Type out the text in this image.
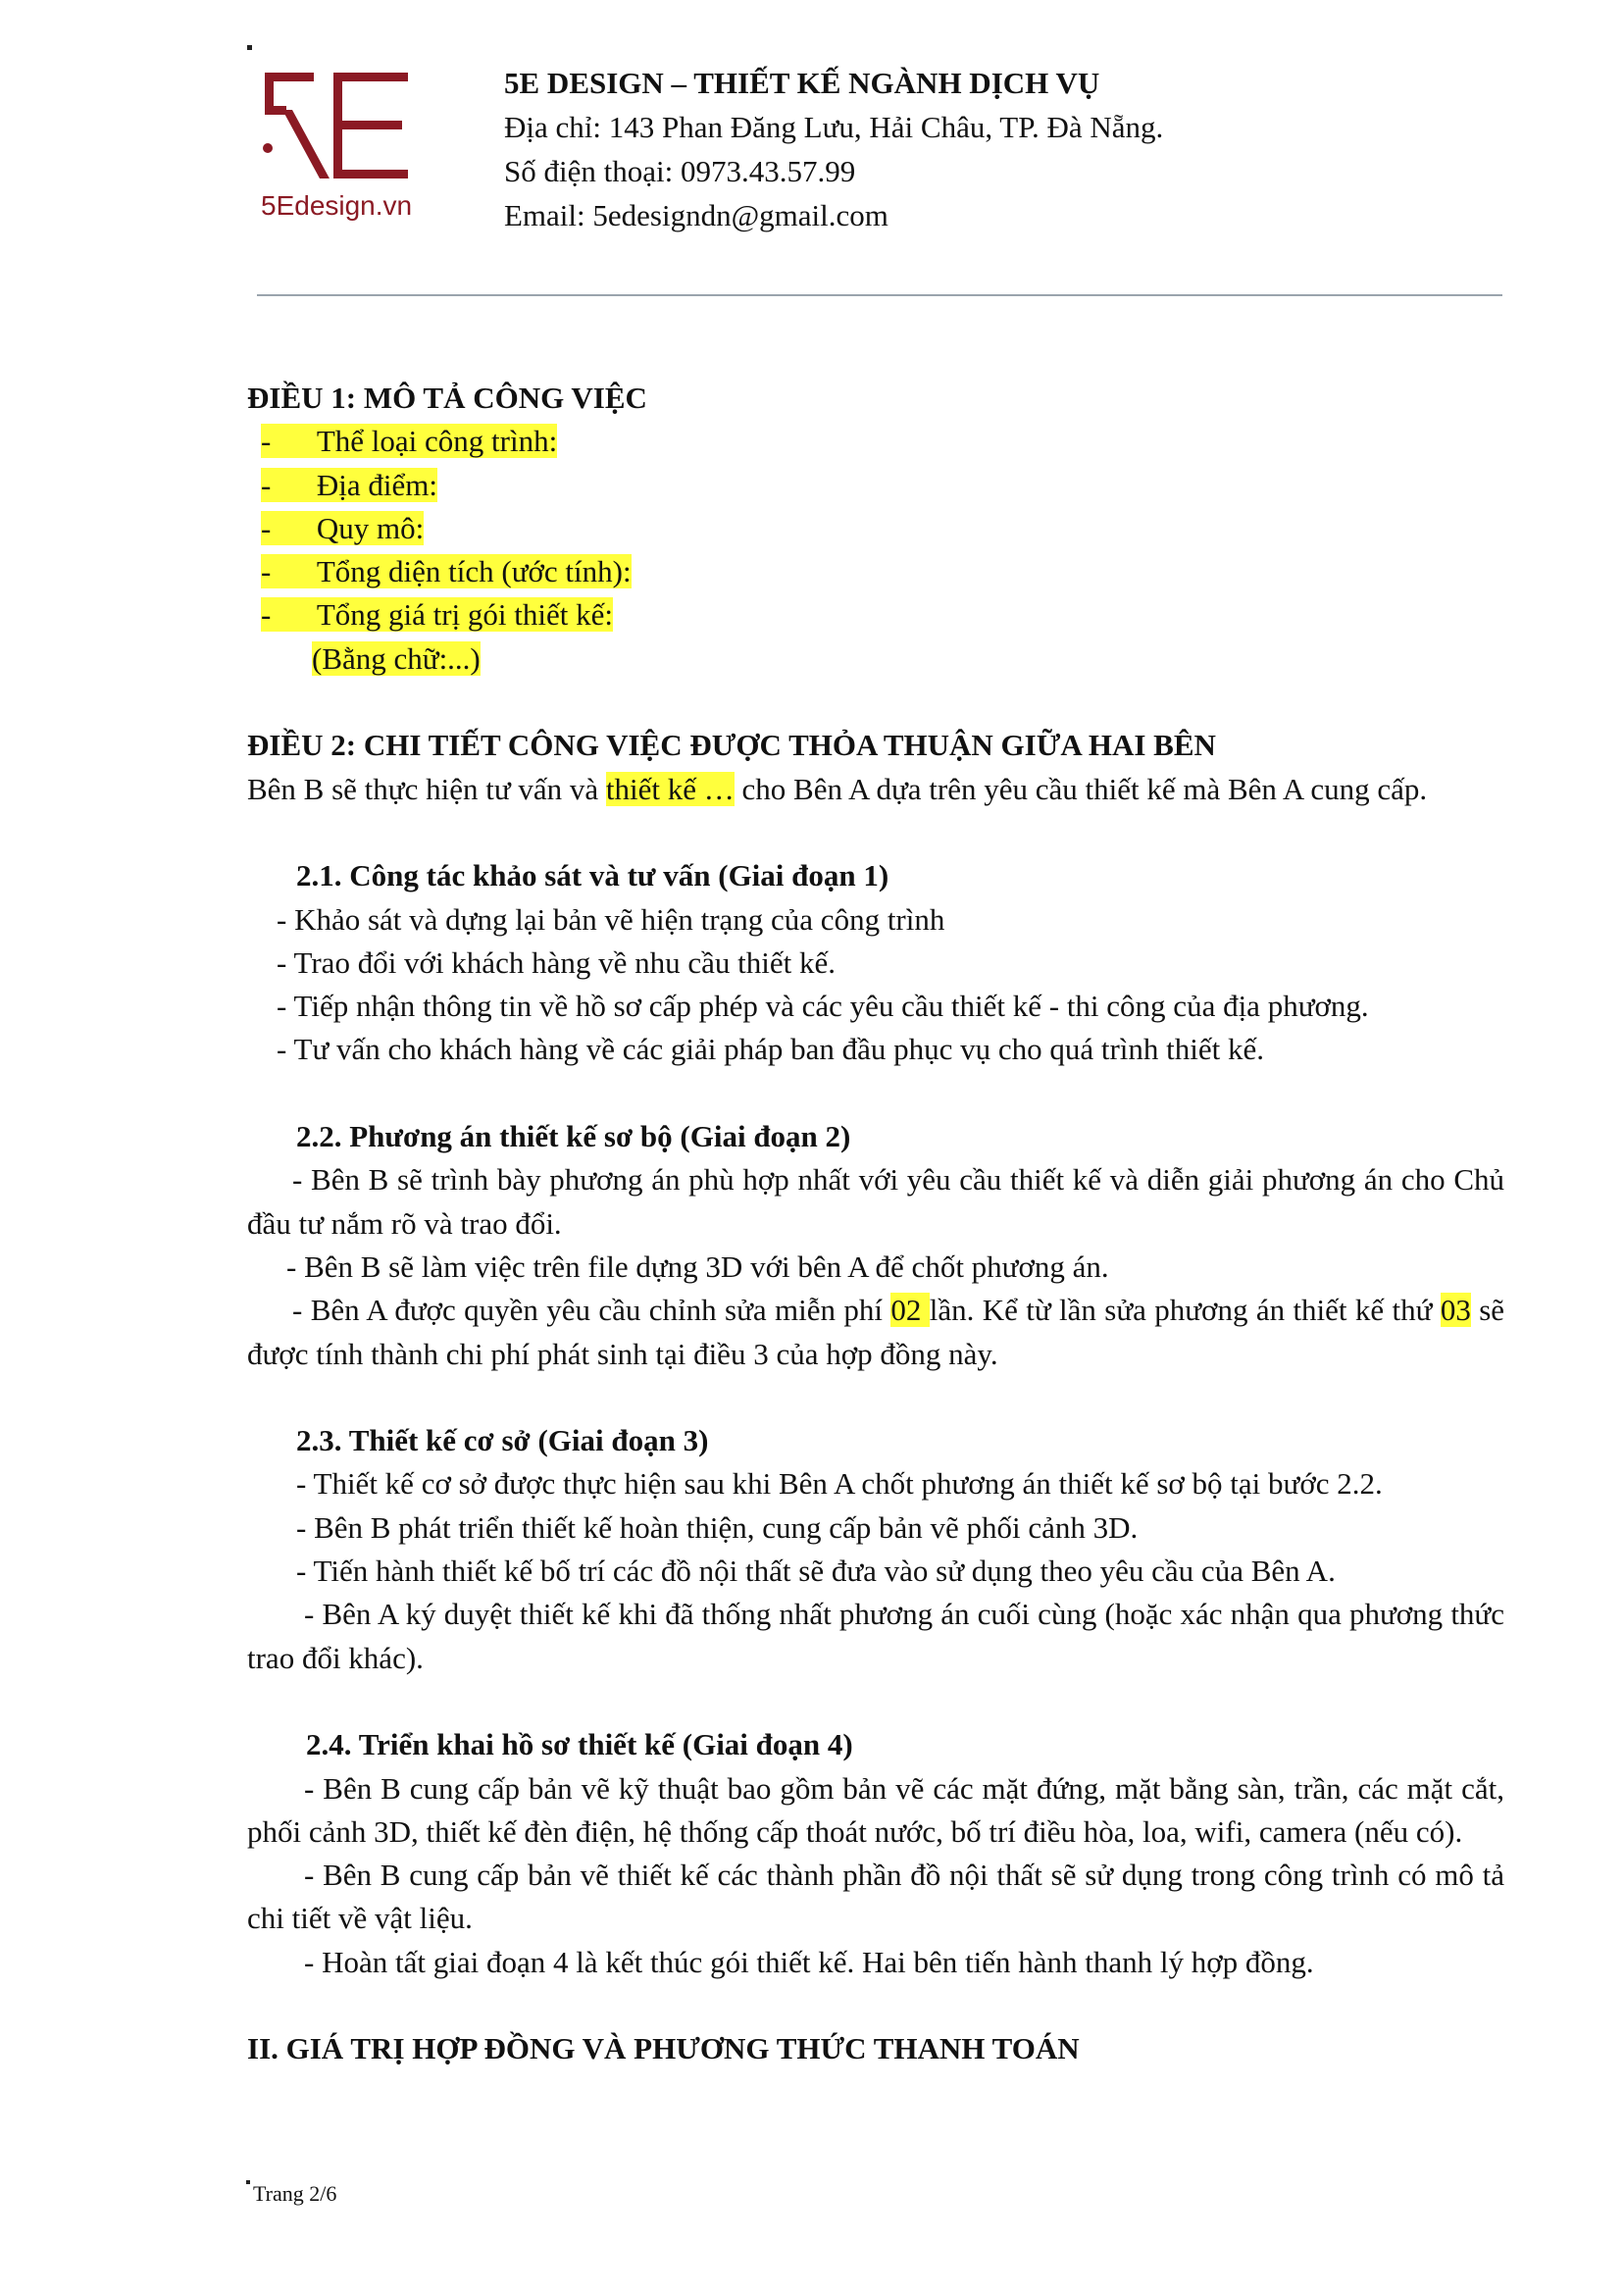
5Edesign.vn
5E DESIGN – THIẾT KẾ NGÀNH DỊCH VỤ
Địa chỉ: 143 Phan Đăng Lưu, Hải Châu, TP. Đà Nẵng.
Số điện thoại: 0973.43.57.99
Email: 5edesigndn@gmail.com

ĐIỀU 1: MÔ TẢ CÔNG VIỆC

-      Thể loại công trình:

-      Địa điểm:

-      Quy mô:

-      Tổng diện tích (ước tính):

-      Tổng giá trị gói thiết kế:

(Bằng chữ:...)

ĐIỀU 2: CHI TIẾT CÔNG VIỆC ĐƯỢC THỎA THUẬN GIỮA HAI BÊN

Bên B sẽ thực hiện tư vấn và thiết kế … cho Bên A dựa trên yêu cầu thiết kế mà Bên A cung cấp.

2.1. Công tác khảo sát và tư vấn (Giai đoạn 1)

- Khảo sát và dựng lại bản vẽ hiện trạng của công trình

- Trao đổi với khách hàng về nhu cầu thiết kế.

- Tiếp nhận thông tin về hồ sơ cấp phép và các yêu cầu thiết kế - thi công của địa phương.

- Tư vấn cho khách hàng về các giải pháp ban đầu phục vụ cho quá trình thiết kế.

2.2. Phương án thiết kế sơ bộ (Giai đoạn 2)

- Bên B sẽ trình bày phương án phù hợp nhất với yêu cầu thiết kế và diễn giải phương án cho Chủ đầu tư nắm rõ và trao đổi.

- Bên B sẽ làm việc trên file dựng 3D với bên A để chốt phương án.

- Bên A được quyền yêu cầu chỉnh sửa miễn phí 02 lần. Kể từ lần sửa phương án thiết kế thứ 03 sẽ được tính thành chi phí phát sinh tại điều 3 của hợp đồng này.

2.3. Thiết kế cơ sở (Giai đoạn 3)

- Thiết kế cơ sở được thực hiện sau khi Bên A chốt phương án thiết kế sơ bộ tại bước 2.2.

- Bên B phát triển thiết kế hoàn thiện, cung cấp bản vẽ phối cảnh 3D.

- Tiến hành thiết kế bố trí các đồ nội thất sẽ đưa vào sử dụng theo yêu cầu của Bên A.

- Bên A ký duyệt thiết kế khi đã thống nhất phương án cuối cùng (hoặc xác nhận qua phương thức trao đổi khác).

2.4. Triển khai hồ sơ thiết kế (Giai đoạn 4)

- Bên B cung cấp bản vẽ kỹ thuật bao gồm bản vẽ các mặt đứng, mặt bằng sàn, trần, các mặt cắt, phối cảnh 3D, thiết kế đèn điện, hệ thống cấp thoát nước, bố trí điều hòa, loa, wifi, camera (nếu có).

- Bên B cung cấp bản vẽ thiết kế các thành phần đồ nội thất sẽ sử dụng trong công trình có mô tả chi tiết về vật liệu.

- Hoàn tất giai đoạn 4 là kết thúc gói thiết kế. Hai bên tiến hành thanh lý hợp đồng.

II. GIÁ TRỊ HỢP ĐỒNG VÀ PHƯƠNG THỨC THANH TOÁN

Trang 2/6
